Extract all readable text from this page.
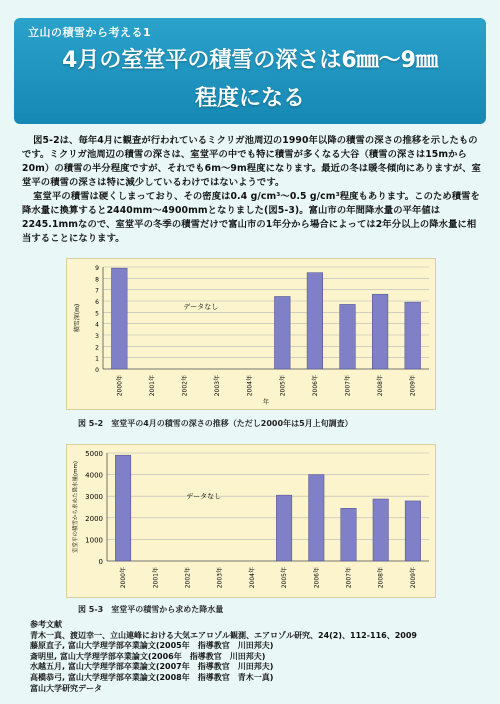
立山の積雪から考える1
4月の室堂平の積雪の深さは6㎜〜9㎜
程度になる

図5-2は、毎年4月に観査が行われているミクリガ池周辺の1990年以降の積雪の深さの推移を示したものです。ミクリガ池周辺の積雪の深さは、室堂平の中でも特に積雪が多くなる大谷（積雪の深さは15mから20m）の積雪の半分程度ですが、それでも6m〜9m程度になります。最近の冬は暖冬傾向にありますが、室堂平の積雪の深さは特に減少しているわけではないようです。

室堂平の積雪は硬くしまっており、その密度は0.4 g/cm³〜0.5 g/cm³程度もあります。このため積雪を降水量に換算すると2440mm〜4900mmとなりました(図5-3)。富山市の年間降水量の平年値は2245.1mmなので、室堂平の冬季の積雪だけで富山市の1年分から場合によっては2年分以上の降水量に相当することになります。

0
1
2
3
4
5
6
7
8
9
2000年	2001年	2002年	2003年	2004年	2005年	2006年	2007年	2008年	2009年
データなし
積雪深(m)
年
図 5-2　室堂平の4月の積雪の深さの推移（ただし2000年は5月上旬調査）
0
1000
2000
3000
4000
5000
2000年	2001年	2002年	2003年	2004年	2005年	2006年	2007年	2008年	2009年
データなし
室堂平の積雪から求めた降水量(mm)
図 5-3　室堂平の積雪から求めた降水量
参考文献
青木一真、渡辺幸一、立山連峰における大気エアロゾル観測、エアロゾル研究、24(2)、112-116、2009
藤原直子, 富山大学理学部卒業論文(2005年　指導教官　川田邦夫)
斎明里, 富山大学理学部卒業論文(2006年　指導教官　川田邦夫)
水越五月, 富山大学理学部卒業論文(2007年　指導教官　川田邦夫)
高橋恭弓, 富山大学理学部卒業論文(2008年　指導教官　青木一真)
富山大学研究データ
